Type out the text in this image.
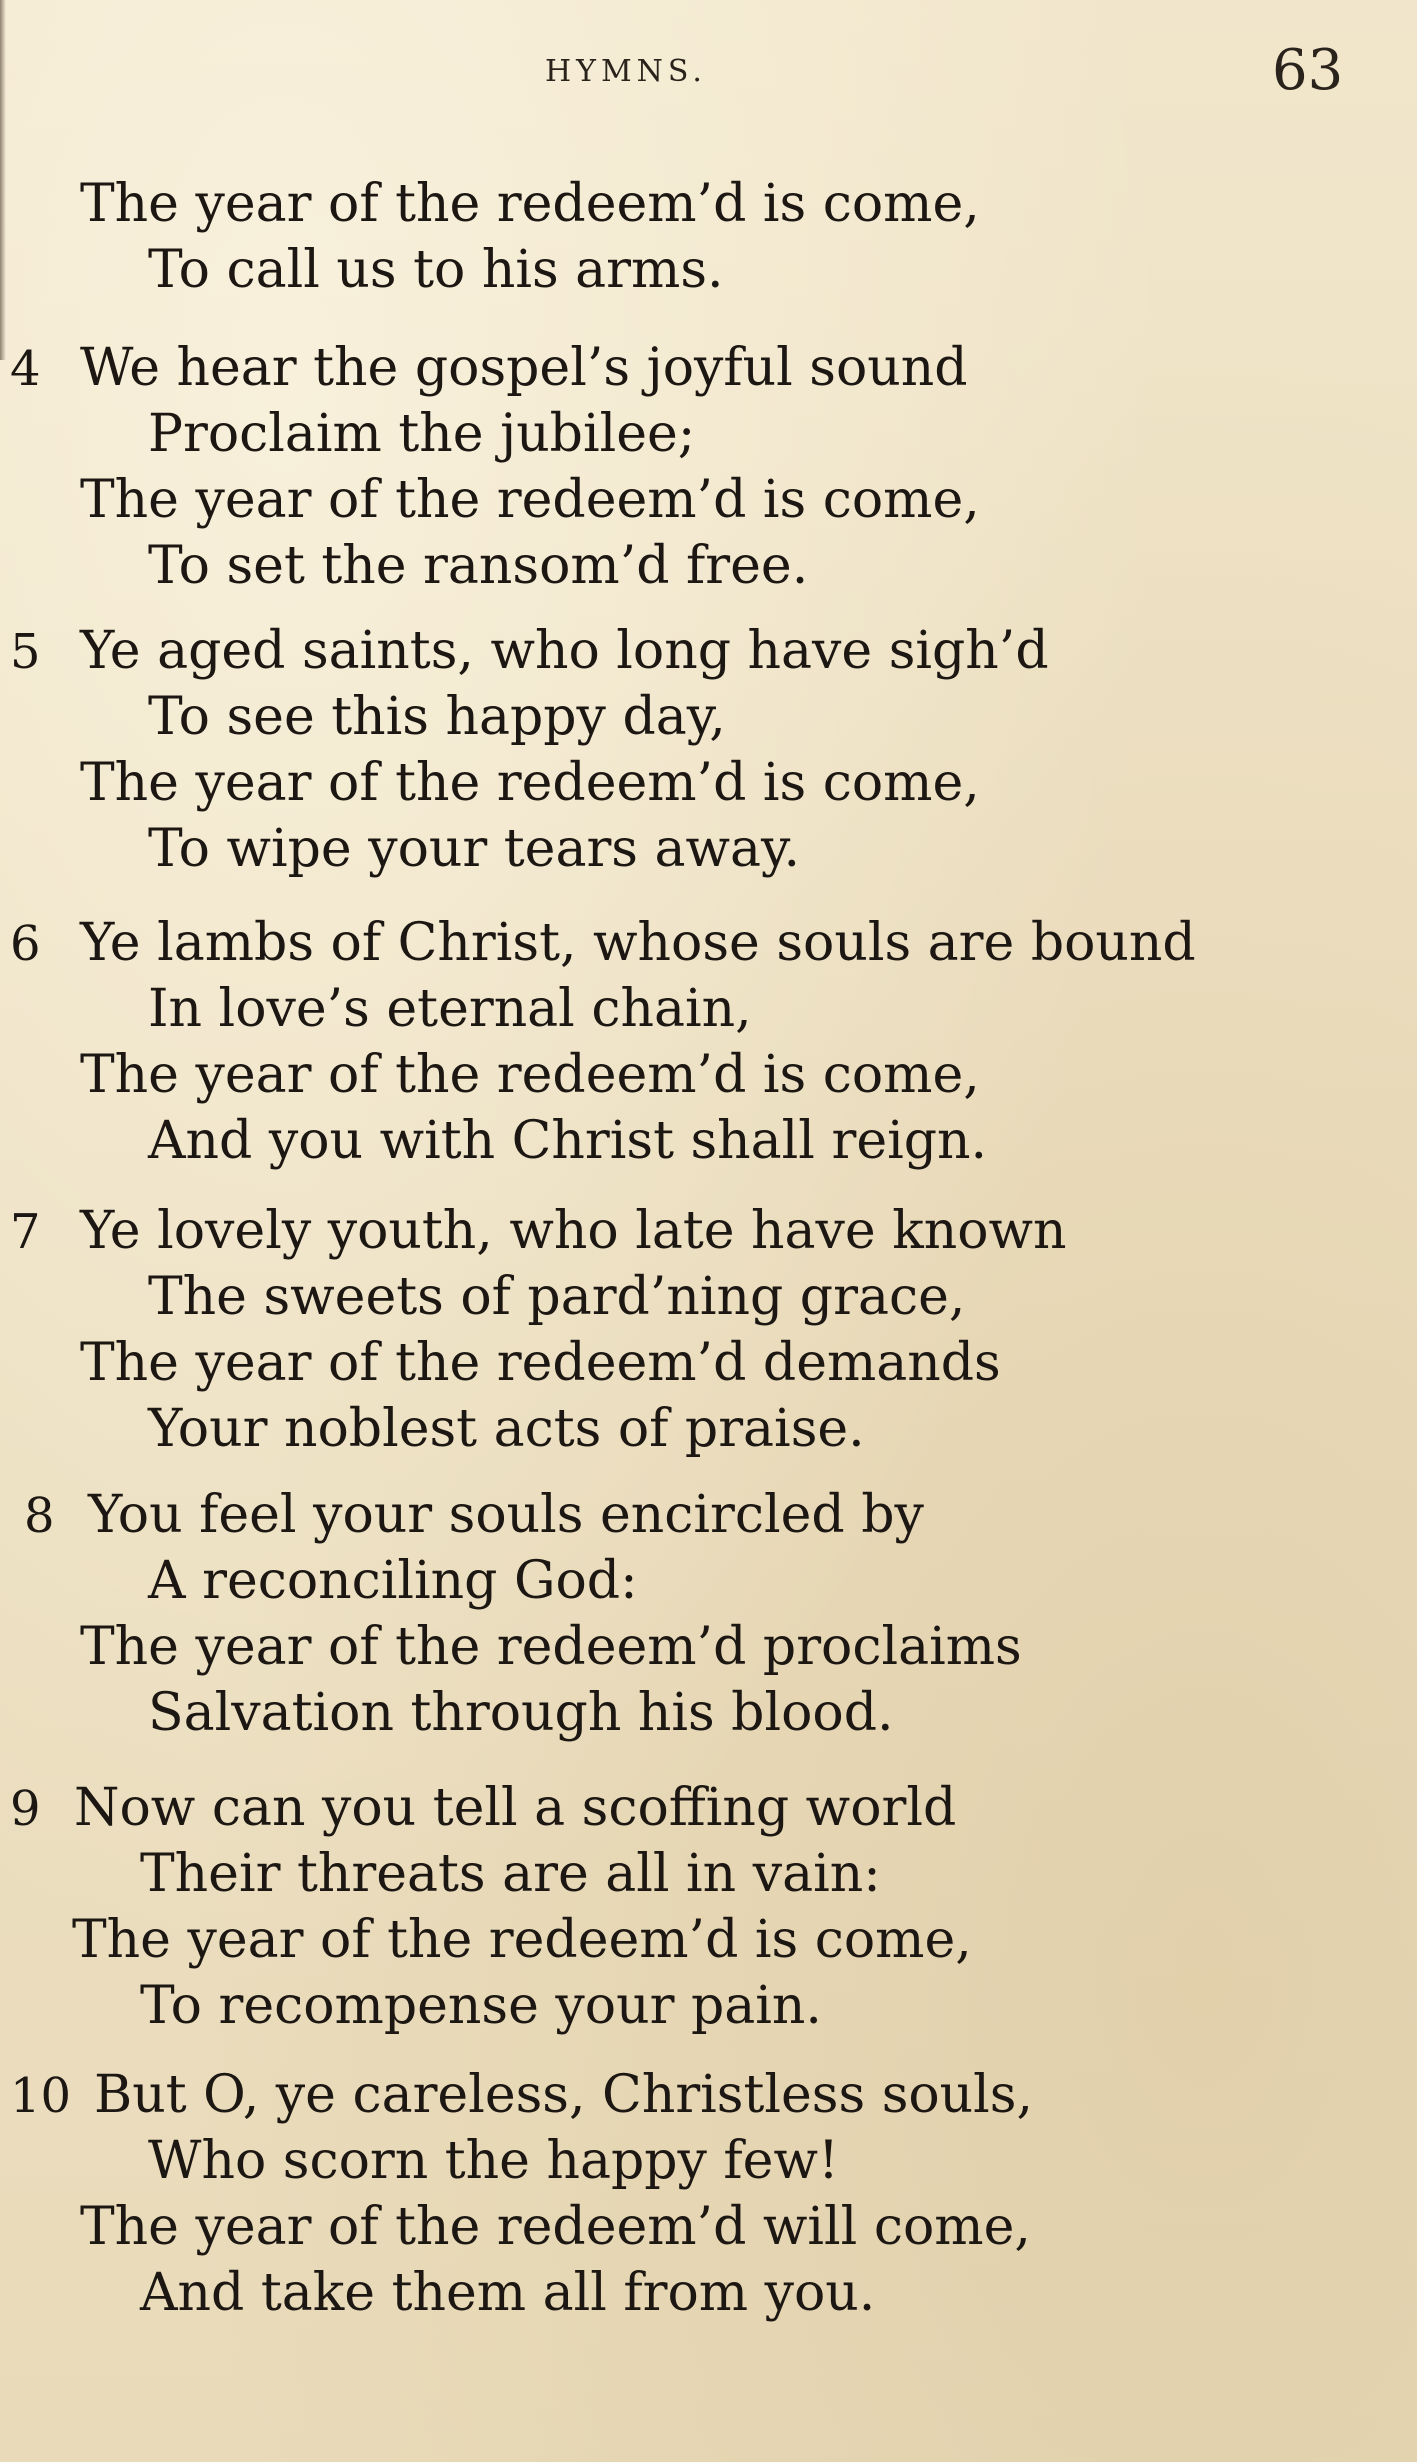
HYMNS.	63
The year of the redeem’d is come,
To call us to his arms.
4 We hear the gospel’s joyful sound
Proclaim the jubilee;
The year of the redeem’d is come,
To set the ransom’d free.
5 Ye aged saints, who long have sigh’d
To see this happy day,
The year of the redeem’d is come,
To wipe your tears away.
6 Ye lambs of Christ, whose souls are bound
In love’s eternal chain,
The year of the redeem’d is come,
And you with Christ shall reign.
7 Ye lovely youth, who late have known
The sweets of pard’ning grace,
The year of the redeem’d demands
Your noblest acts of praise.
8 You feel your souls encircled by
A reconciling God:
The year of the redeem’d proclaims
Salvation through his blood.
9 Now can you tell a scoffing world
Their threats are all in vain:
The year of the redeem’d is come,
To recompense your pain.
10 But O, ye careless, Christless souls,
Who scorn the happy few!
The year of the redeem’d will come,
And take them all from you.
